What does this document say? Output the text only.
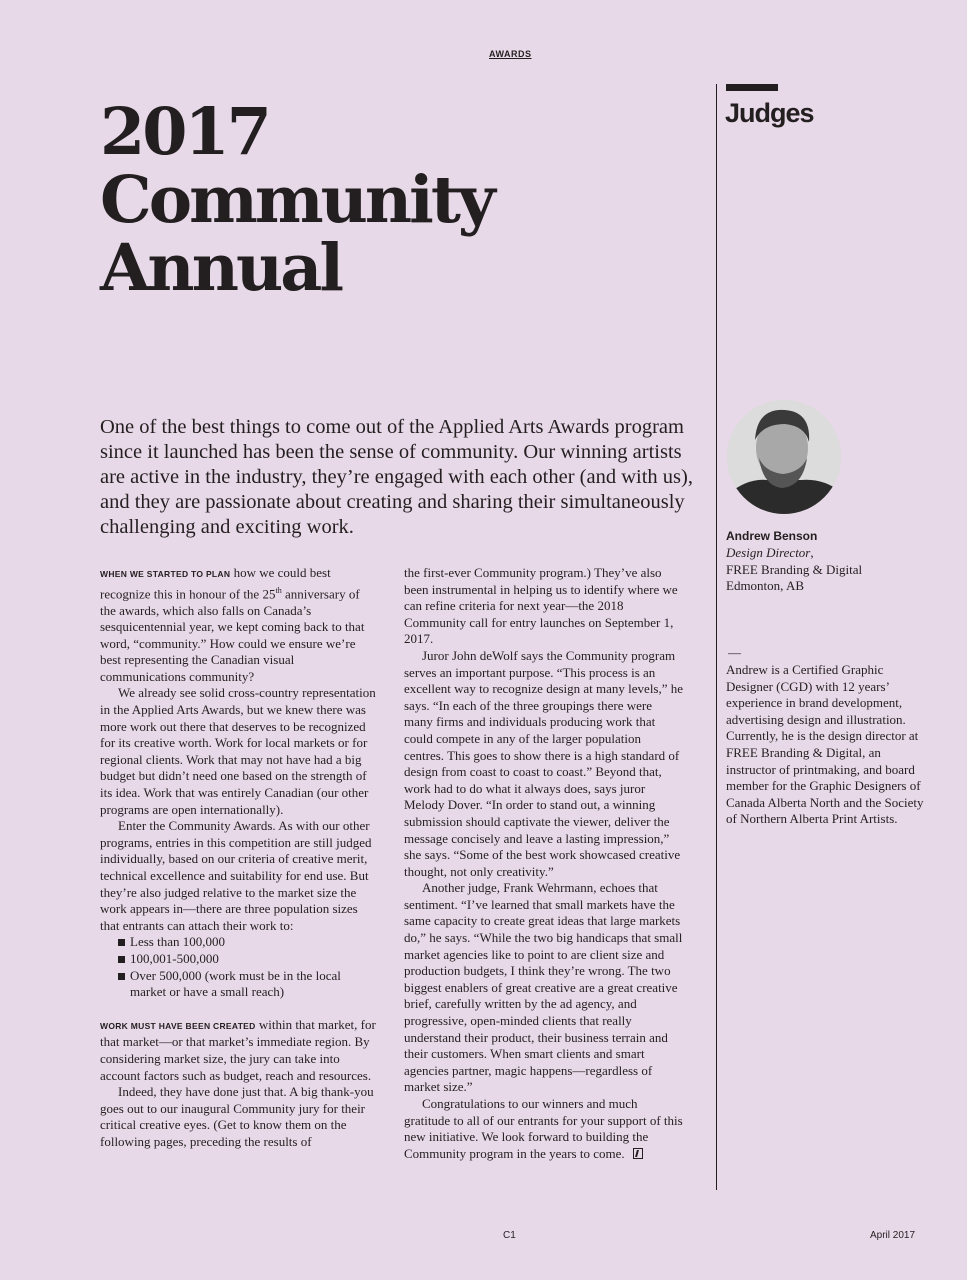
AWARDS
2017
Community
Annual

One of the best things to come out of the Applied Arts Awards program since it launched has been the sense of community. Our winning artists are active in the industry, they’re engaged with each other (and with us), and they are passionate about creating and sharing their simultaneously challenging and exciting work.

WHEN WE STARTED TO PLAN how we could best recognize this in honour of the 25th anniversary of the awards, which also falls on Canada’s sesquicentennial year, we kept coming back to that word, “community.” How could we ensure we’re best representing the Canadian visual communications community?

We already see solid cross-country representation in the Applied Arts Awards, but we knew there was more work out there that deserves to be recognized for its creative worth. Work for local markets or for regional clients. Work that may not have had a big budget but didn’t need one based on the strength of its idea. Work that was entirely Canadian (our other programs are open internationally).

Enter the Community Awards. As with our other programs, entries in this competition are still judged individually, based on our criteria of creative merit, technical excellence and suitability for end use. But they’re also judged relative to the market size the work appears in—there are three population sizes that entrants can attach their work to:

Less than 100,000
100,001-500,000
Over 500,000 (work must be in the local market or have a small reach)

WORK MUST HAVE BEEN CREATED within that market, for that market—or that market’s immediate region. By considering market size, the jury can take into account factors such as budget, reach and resources.

Indeed, they have done just that. A big thank-you goes out to our inaugural Community jury for their critical creative eyes. (Get to know them on the following pages, preceding the results of

the first-ever Community program.) They’ve also been instrumental in helping us to identify where we can refine criteria for next year—the 2018 Community call for entry launches on September 1, 2017.

Juror John deWolf says the Community program serves an important purpose. “This process is an excellent way to recognize design at many levels,” he says. “In each of the three groupings there were many firms and individuals producing work that could compete in any of the larger population centres. This goes to show there is a high standard of design from coast to coast to coast.” Beyond that, work had to do what it always does, says juror Melody Dover. “In order to stand out, a winning submission should captivate the viewer, deliver the message concisely and leave a lasting impression,” she says. “Some of the best work showcased creative thought, not only creativity.”

Another judge, Frank Wehrmann, echoes that sentiment. “I’ve learned that small markets have the same capacity to create great ideas that large markets do,” he says. “While the two big handicaps that small market agencies like to point to are client size and production budgets, I think they’re wrong. The two biggest enablers of great creative are a great creative brief, carefully written by the ad agency, and progressive, open-minded clients that really understand their product, their business terrain and their customers. When smart clients and smart agencies partner, magic happens—regardless of market size.”

Congratulations to our winners and much gratitude to all of our entrants for your support of this new initiative. We look forward to building the Community program in the years to come.

Judges
Andrew Benson
Design Director,
FREE Branding & Digital
Edmonton, AB
—

Andrew is a Certified Graphic Designer (CGD) with 12 years’ experience in brand development, advertising design and illustration. Currently, he is the design director at FREE Branding & Digital, an instructor of printmaking, and board member for the Graphic Designers of Canada Alberta North and the Society of Northern Alberta Print Artists.

C1	April 2017
